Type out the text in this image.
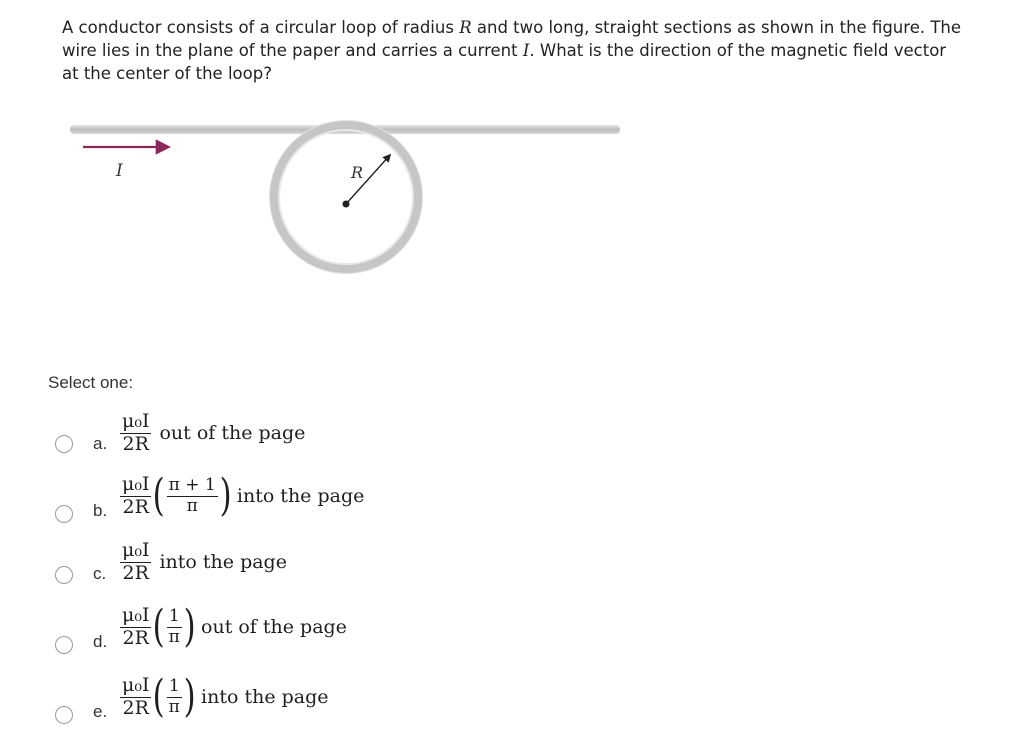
A conductor consists of a circular loop of radius R and two long, straight sections as shown in the figure. The wire lies in the plane of the paper and carries a current I. What is the direction of the magnetic field vector at the center of the loop?
I	R
Select one:
a. $\frac{\text{μ₀I}}{2R}$ out of the page
b. $\frac{\text{μ₀I}}{2R}$ ( $\frac{\pi + 1}{\pi}$ ) into the page
c. $\frac{\text{μ₀I}}{2R}$ into the page
d. $\frac{\text{μ₀I}}{2R}$ ( $\frac{1}{\pi}$ ) out of the page
e. $\frac{\text{μ₀I}}{2R}$ ( $\frac{1}{\pi}$ ) into the page
